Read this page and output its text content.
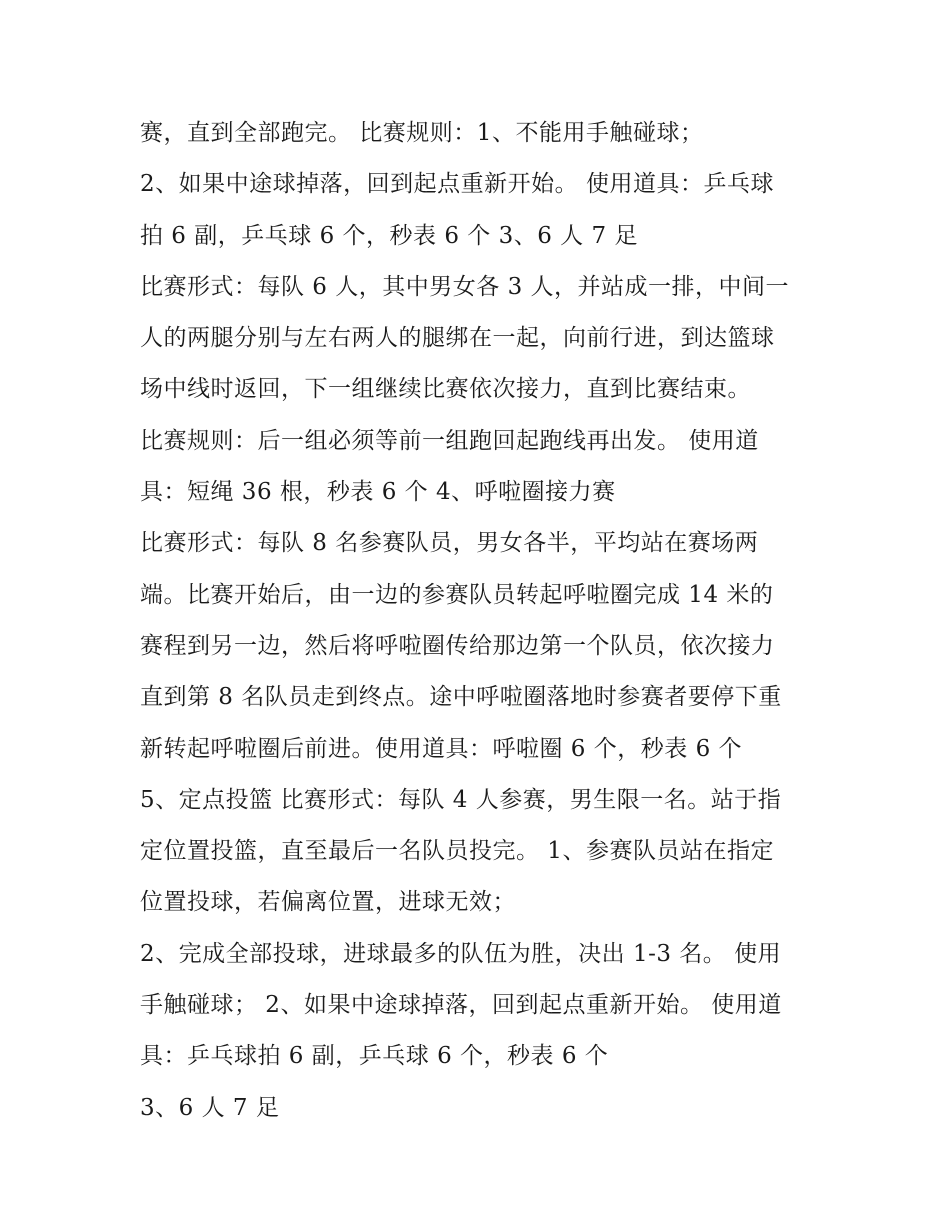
赛，直到全部跑完。 比赛规则：1、不能用手触碰球；
2、如果中途球掉落，回到起点重新开始。 使用道具：乒乓球
拍 6 副，乒乓球 6 个，秒表 6 个 3、6 人 7 足
比赛形式：每队 6 人，其中男女各 3 人，并站成一排，中间一
人的两腿分别与左右两人的腿绑在一起，向前行进，到达篮球
场中线时返回，下一组继续比赛依次接力，直到比赛结束。
比赛规则：后一组必须等前一组跑回起跑线再出发。 使用道
具：短绳 36 根，秒表 6 个 4、呼啦圈接力赛
比赛形式：每队 8 名参赛队员，男女各半，平均站在赛场两
端。比赛开始后，由一边的参赛队员转起呼啦圈完成 14 米的
赛程到另一边，然后将呼啦圈传给那边第一个队员，依次接力
直到第 8 名队员走到终点。途中呼啦圈落地时参赛者要停下重
新转起呼啦圈后前进。使用道具：呼啦圈 6 个，秒表 6 个
5、定点投篮 比赛形式：每队 4 人参赛，男生限一名。站于指
定位置投篮，直至最后一名队员投完。 1、参赛队员站在指定
位置投球，若偏离位置，进球无效；
2、完成全部投球，进球最多的队伍为胜，决出 1-3 名。 使用
手触碰球； 2、如果中途球掉落，回到起点重新开始。 使用道
具：乒乓球拍 6 副，乒乓球 6 个，秒表 6 个
3、6 人 7 足
